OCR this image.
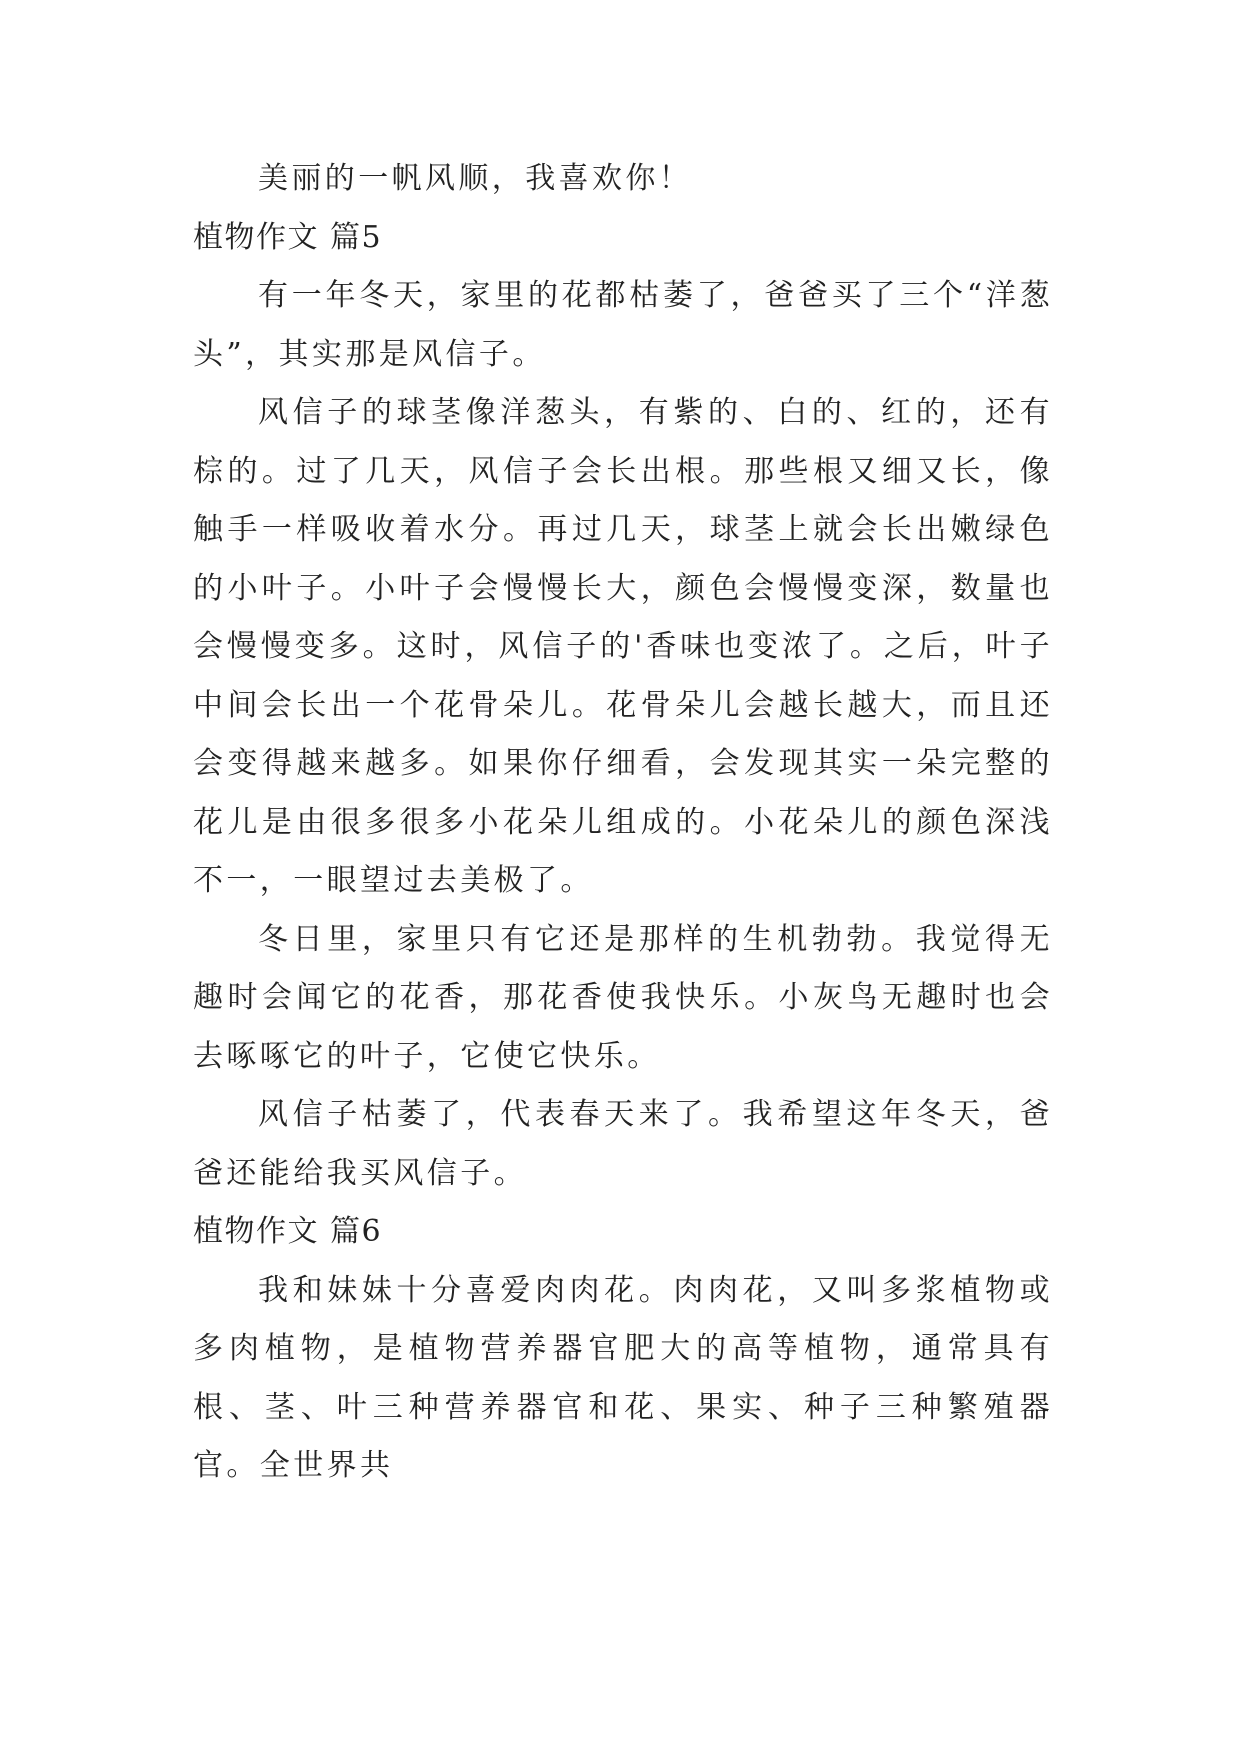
美丽的一帆风顺，我喜欢你！

植物作文 篇5

有一年冬天，家里的花都枯萎了，爸爸买了三个“洋葱头”，其实那是风信子。

风信子的球茎像洋葱头，有紫的、白的、红的，还有棕的。过了几天，风信子会长出根。那些根又细又长，像触手一样吸收着水分。再过几天，球茎上就会长出嫩绿色的小叶子。小叶子会慢慢长大，颜色会慢慢变深，数量也会慢慢变多。这时，风信子的'香味也变浓了。之后，叶子中间会长出一个花骨朵儿。花骨朵儿会越长越大，而且还会变得越来越多。如果你仔细看，会发现其实一朵完整的花儿是由很多很多小花朵儿组成的。小花朵儿的颜色深浅不一，一眼望过去美极了。

冬日里，家里只有它还是那样的生机勃勃。我觉得无趣时会闻它的花香，那花香使我快乐。小灰鸟无趣时也会去啄啄它的叶子，它使它快乐。

风信子枯萎了，代表春天来了。我希望这年冬天，爸爸还能给我买风信子。

植物作文 篇6

我和妹妹十分喜爱肉肉花。肉肉花，又叫多浆植物或多肉植物，是植物营养器官肥大的高等植物，通常具有根、茎、叶三种营养器官和花、果实、种子三种繁殖器官。全世界共
